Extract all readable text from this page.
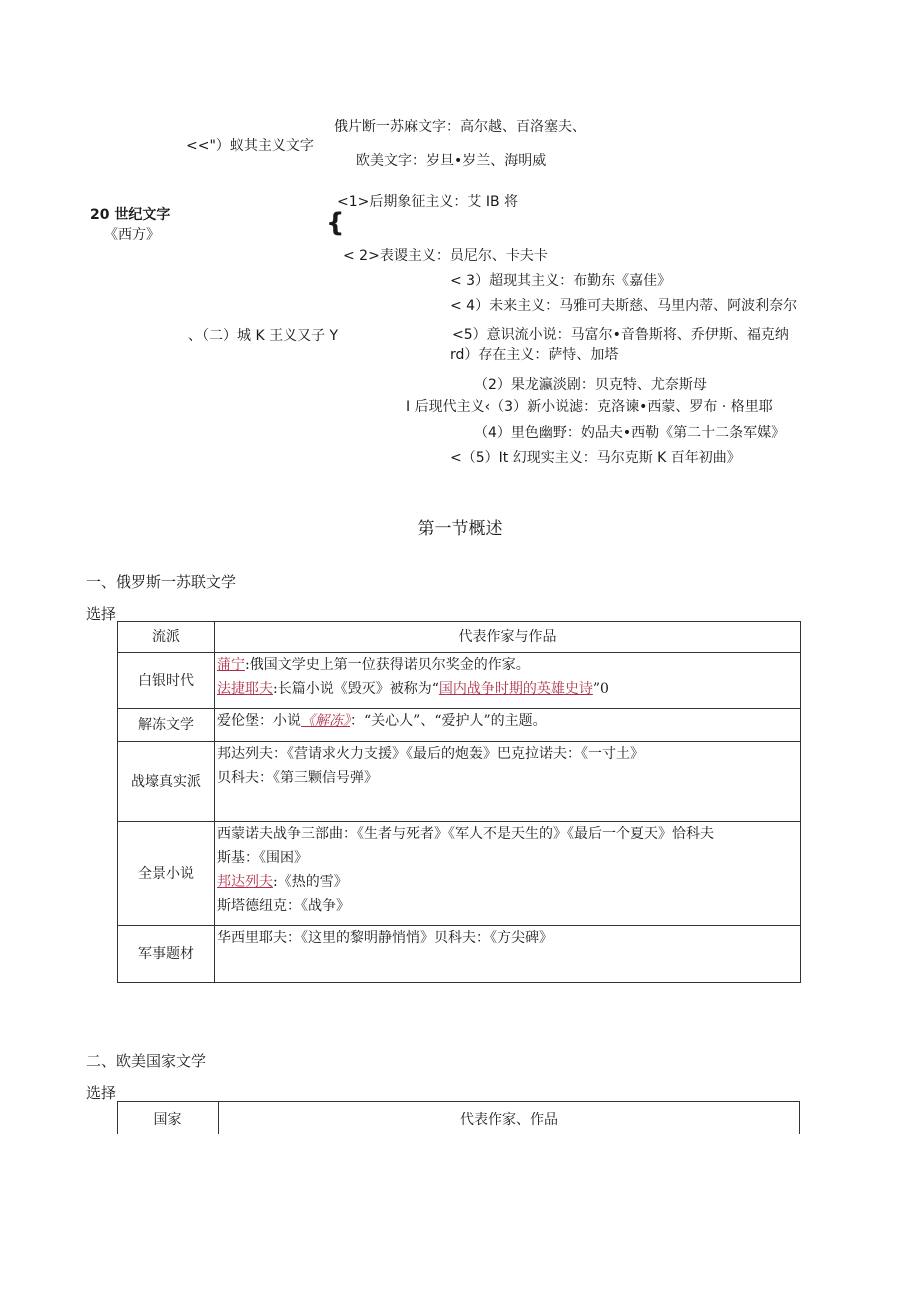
20 世纪文字
《西方》
<<"）蚁其主义文字
俄片断一苏麻文字：高尔越、百洛塞夫、
欧美文字：岁旦•岁兰、海明威
{
、（二）城 K 王义又子 Y
<1>后期象征主义：艾 IB 将
< 2>表谡主义：员尼尔、卡夫卡
< 3）超现其主义：布勤东《嘉佳》
< 4）未来主义：马雅可夫斯慈、马里内蒂、阿波利奈尔
<5）意识流小说：马富尔•音鲁斯将、乔伊斯、福克纳
rd）存在主义：萨恃、加塔
（2）果龙瀛淡剧：贝克特、尤奈斯母
I 后现代主义‹（3）新小说滤：克洛谏•西蒙、罗布 · 格里耶
（4）里色幽野：妁品夫•西勒《第二十二条军媒》
<（5）It 幻现实主义：马尔克斯 K 百年初曲》
第一节概述
一、俄罗斯一苏联文学
选择
流派	代表作家与作品
白银时代	蒲宁:俄国文学史上第一位获得诺贝尔奖金的作家。
法捷耶夫:长篇小说《毁灭》被称为“国内战争时期的英雄史诗”0

解冻文学	爱伦堡：小说《解冻》：“关心人”、“爱护人”的主题。

战壕真实派	邦达列夫：《营请求火力支援》《最后的炮轰》巴克拉诺夫：《一寸土》
贝科夫：《第三颗信号弹》

全景小说	西蒙诺夫战争三部曲：《生者与死者》《军人不是天生的》《最后一个夏天》恰科夫
斯基：《围困》
邦达列夫:《热的雪》
斯塔德纽克：《战争》

军事题材	华西里耶夫：《这里的黎明静悄悄》贝科夫：《方尖碑》
二、欧美国家文学
选择
国家	代表作家、作品
